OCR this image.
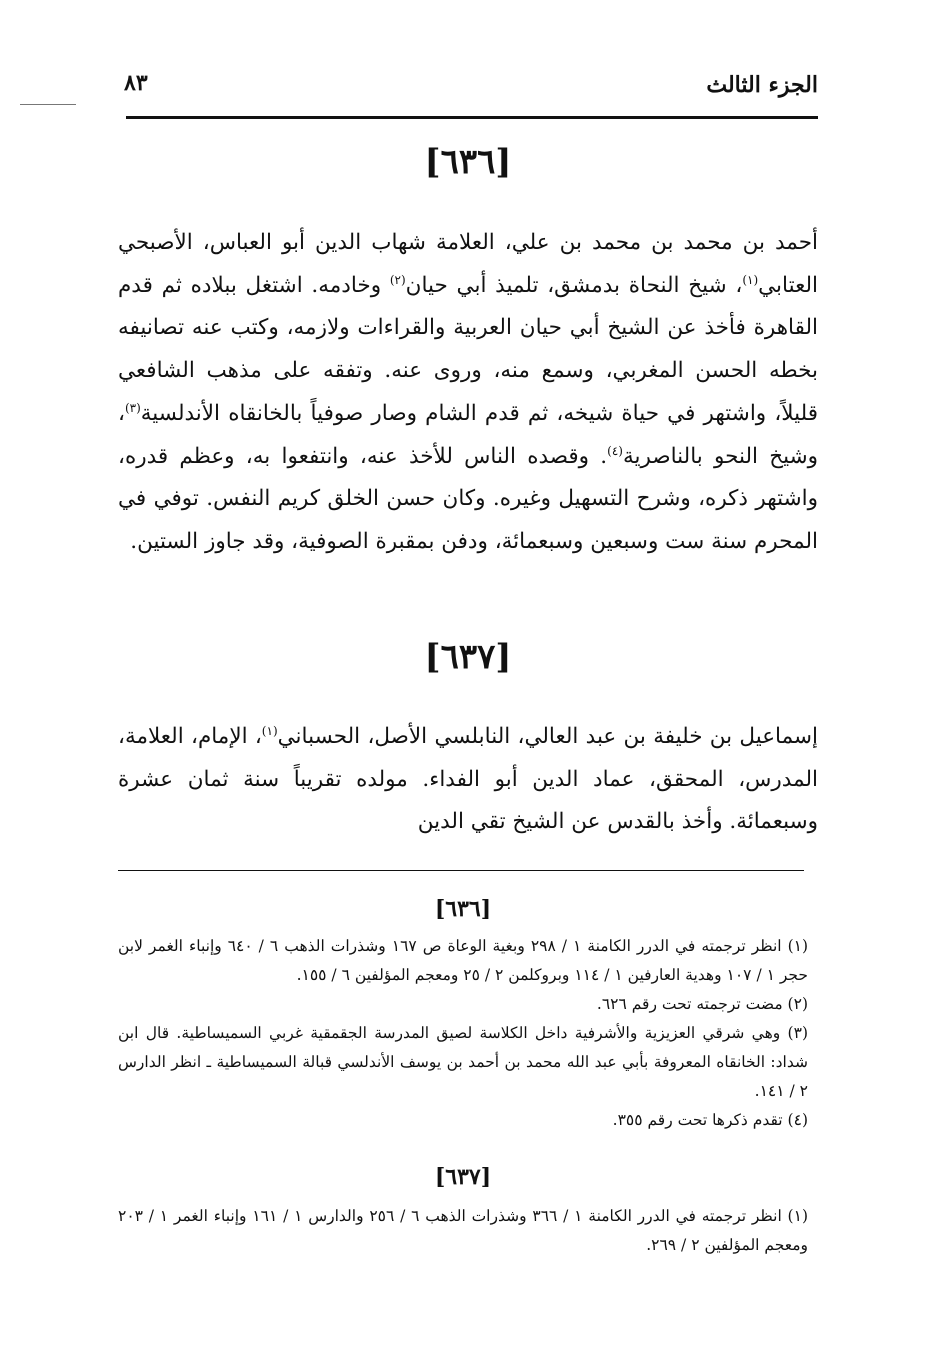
الجزء الثالث
٨٣
[٦٣٦]
أحمد بن محمد بن محمد بن علي، العلامة شهاب الدين أبو العباس، الأصبحي العتابي$^{(١)}$، شيخ النحاة بدمشق، تلميذ أبي حيان$^{(٢)}$ وخادمه. اشتغل ببلاده ثم قدم القاهرة فأخذ عن الشيخ أبي حيان العربية والقراءات ولازمه، وكتب عنه تصانيفه بخطه الحسن المغربي، وسمع منه، وروى عنه. وتفقه على مذهب الشافعي قليلاً، واشتهر في حياة شيخه، ثم قدم الشام وصار صوفياً بالخانقاه الأندلسية$^{(٣)}$، وشيخ النحو بالناصرية$^{(٤)}$. وقصده الناس للأخذ عنه، وانتفعوا به، وعظم قدره، واشتهر ذكره، وشرح التسهيل وغيره. وكان حسن الخلق كريم النفس. توفي في المحرم سنة ست وسبعين وسبعمائة، ودفن بمقبرة الصوفية، وقد جاوز الستين.
[٦٣٧]
إسماعيل بن خليفة بن عبد العالي، النابلسي الأصل، الحسباني$^{(١)}$، الإمام، العلامة، المدرس، المحقق، عماد الدين أبو الفداء. مولده تقريباً سنة ثمان عشرة وسبعمائة. وأخذ بالقدس عن الشيخ تقي الدين
[٦٣٦]

(١) انظر ترجمته في الدرر الكامنة ١ / ٢٩٨ وبغية الوعاة ص ١٦٧ وشذرات الذهب ٦ / ٦٤٠ وإنباء الغمر لابن حجر ١ / ١٠٧ وهدية العارفين ١ / ١١٤ وبروكلمن ٢ / ٢٥ ومعجم المؤلفين ٦ / ١٥٥.

(٢) مضت ترجمته تحت رقم ٦٢٦.

(٣) وهي شرقي العزيزية والأشرفية داخل الكلاسة لصيق المدرسة الجقمقية غربي السميساطية. قال ابن شداد: الخانقاه المعروفة بأبي عبد الله محمد بن أحمد بن يوسف الأندلسي قبالة السميساطية ـ انظر الدارس ٢ / ١٤١.

(٤) تقدم ذكرها تحت رقم ٣٥٥.

[٦٣٧]

(١) انظر ترجمته في الدرر الكامنة ١ / ٣٦٦ وشذرات الذهب ٦ / ٢٥٦ والدارس ١ / ١٦١ وإنباء الغمر ١ / ٢٠٣ ومعجم المؤلفين ٢ / ٢٦٩.
